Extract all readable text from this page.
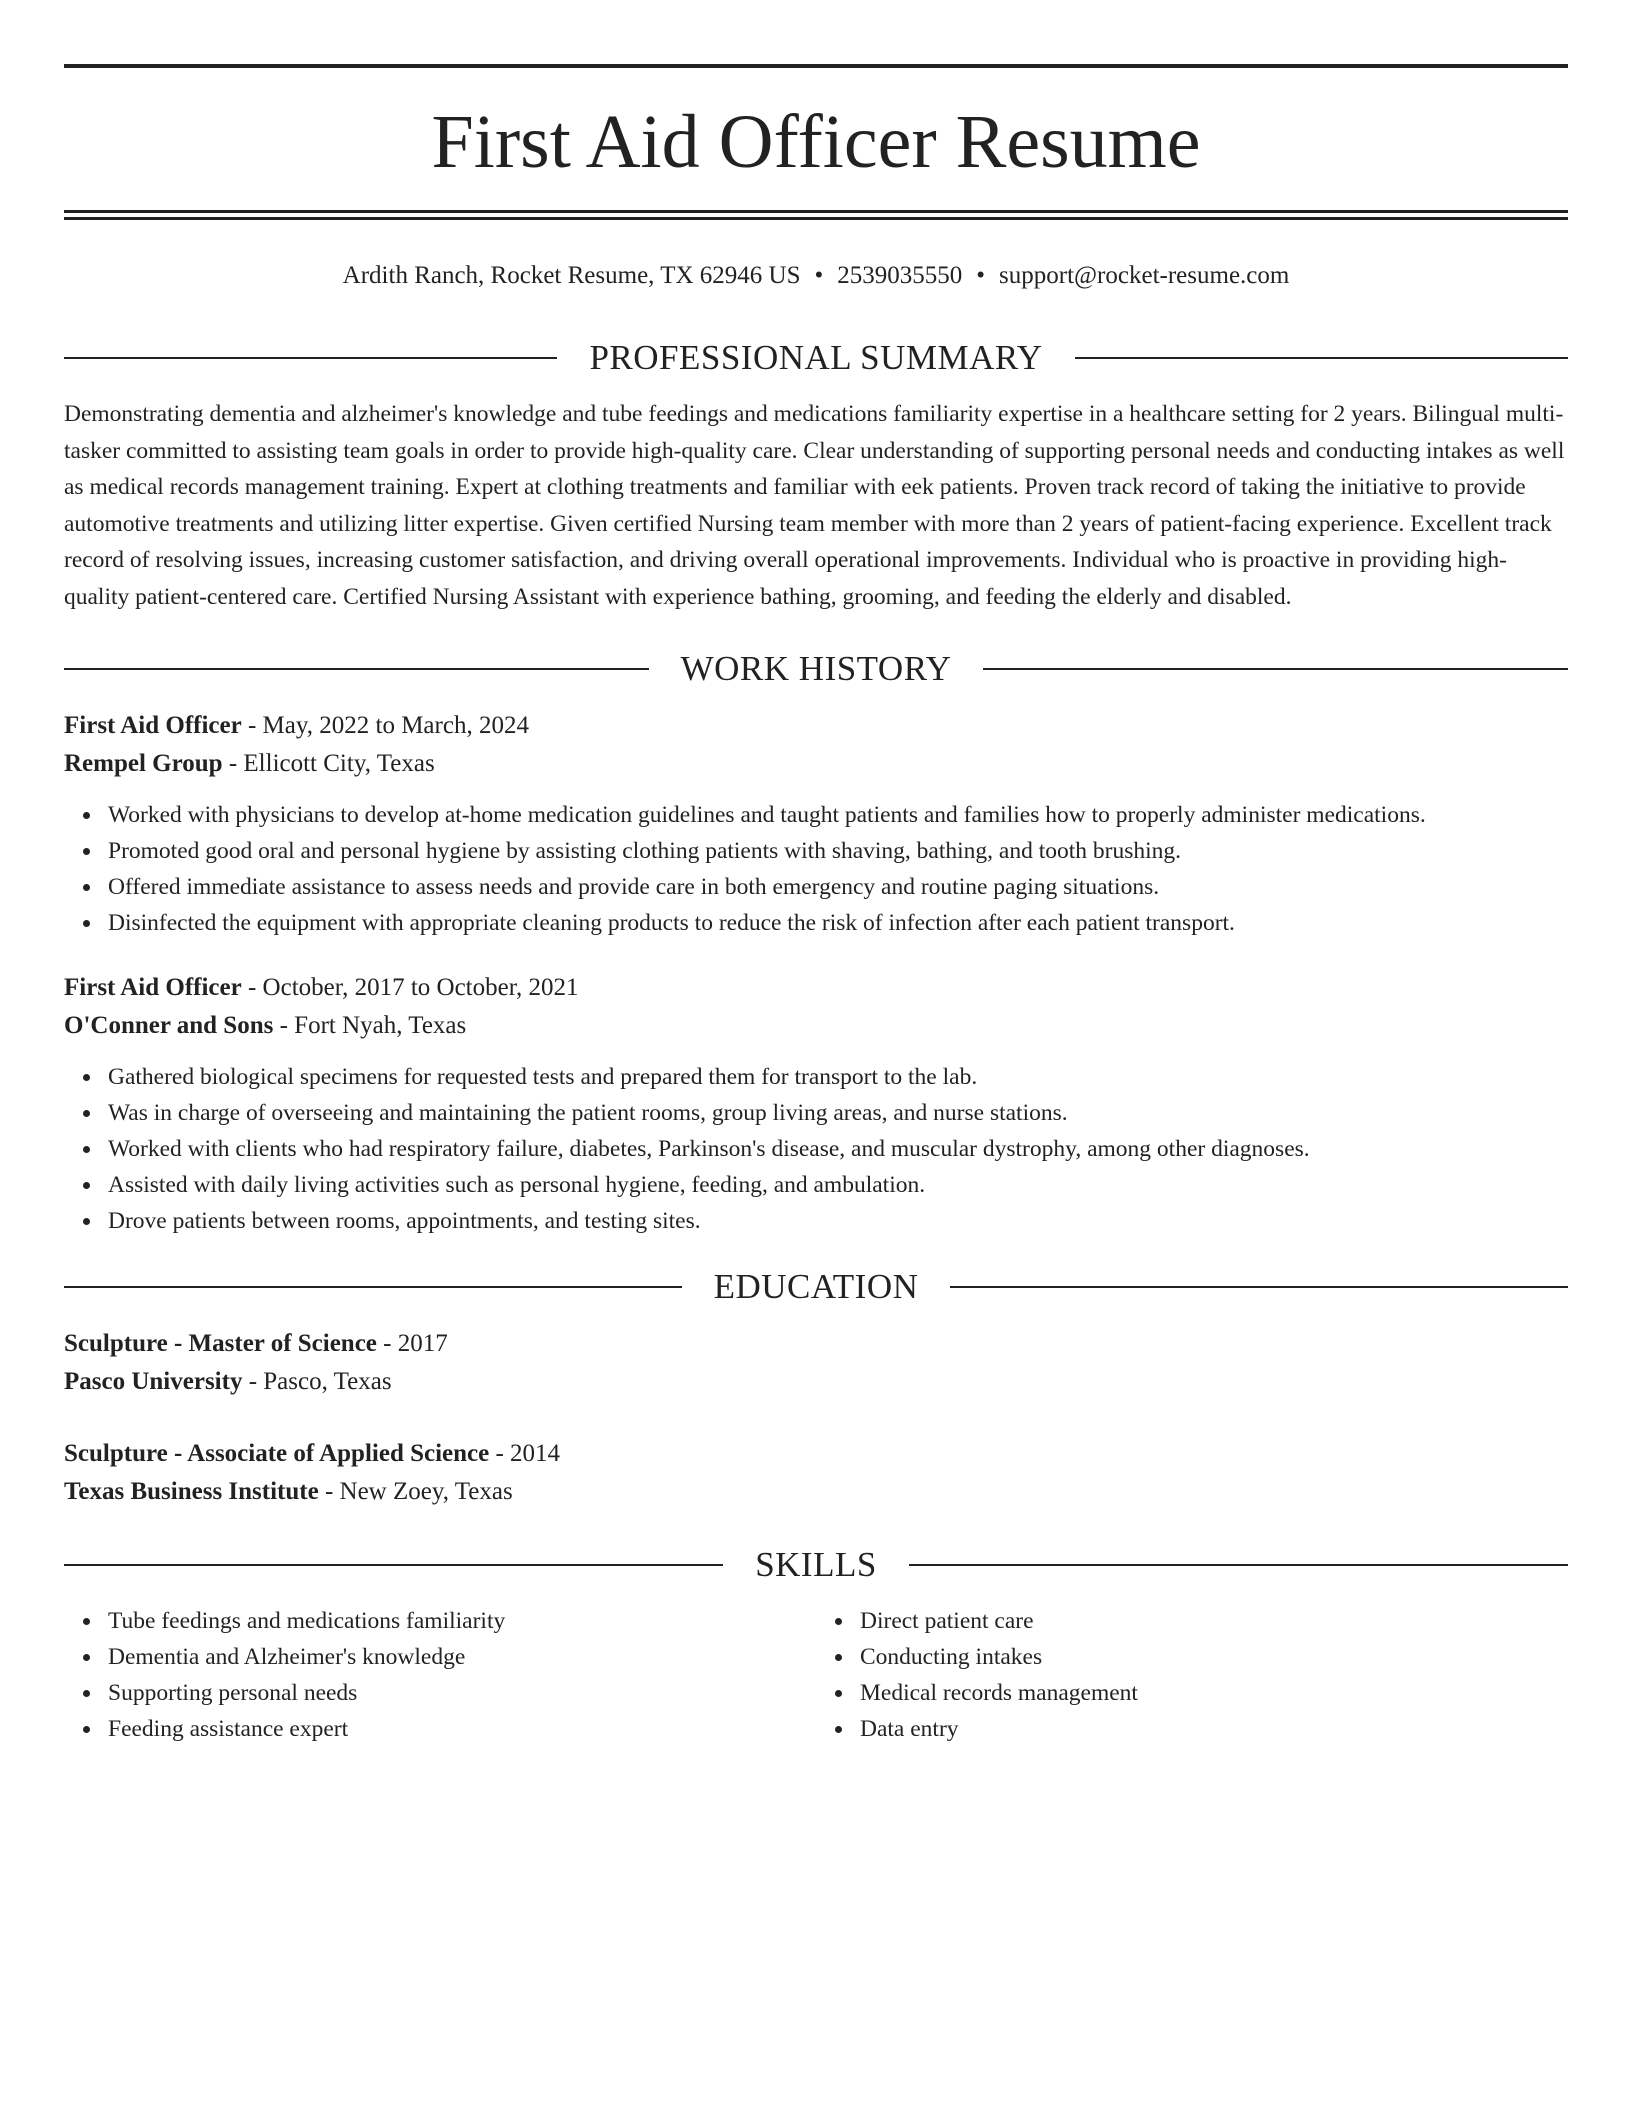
First Aid Officer Resume
Ardith Ranch, Rocket Resume, TX 62946 US • 2539035550 • support@rocket-resume.com
PROFESSIONAL SUMMARY

Demonstrating dementia and alzheimer's knowledge and tube feedings and medications familiarity expertise in a healthcare setting for 2 years. Bilingual multi-tasker committed to assisting team goals in order to provide high-quality care. Clear understanding of supporting personal needs and conducting intakes as well as medical records management training. Expert at clothing treatments and familiar with eek patients. Proven track record of taking the initiative to provide automotive treatments and utilizing litter expertise. Given certified Nursing team member with more than 2 years of patient-facing experience. Excellent track record of resolving issues, increasing customer satisfaction, and driving overall operational improvements. Individual who is proactive in providing high-quality patient-centered care. Certified Nursing Assistant with experience bathing, grooming, and feeding the elderly and disabled.

WORK HISTORY
First Aid Officer - May, 2022 to March, 2024
Rempel Group - Ellicott City, Texas
Worked with physicians to develop at-home medication guidelines and taught patients and families how to properly administer medications.
Promoted good oral and personal hygiene by assisting clothing patients with shaving, bathing, and tooth brushing.
Offered immediate assistance to assess needs and provide care in both emergency and routine paging situations.
Disinfected the equipment with appropriate cleaning products to reduce the risk of infection after each patient transport.
First Aid Officer - October, 2017 to October, 2021
O'Conner and Sons - Fort Nyah, Texas
Gathered biological specimens for requested tests and prepared them for transport to the lab.
Was in charge of overseeing and maintaining the patient rooms, group living areas, and nurse stations.
Worked with clients who had respiratory failure, diabetes, Parkinson's disease, and muscular dystrophy, among other diagnoses.
Assisted with daily living activities such as personal hygiene, feeding, and ambulation.
Drove patients between rooms, appointments, and testing sites.
EDUCATION
Sculpture - Master of Science - 2017
Pasco University - Pasco, Texas
Sculpture - Associate of Applied Science - 2014
Texas Business Institute - New Zoey, Texas
SKILLS
Tube feedings and medications familiarity
Dementia and Alzheimer's knowledge
Supporting personal needs
Feeding assistance expert
Direct patient care
Conducting intakes
Medical records management
Data entry
